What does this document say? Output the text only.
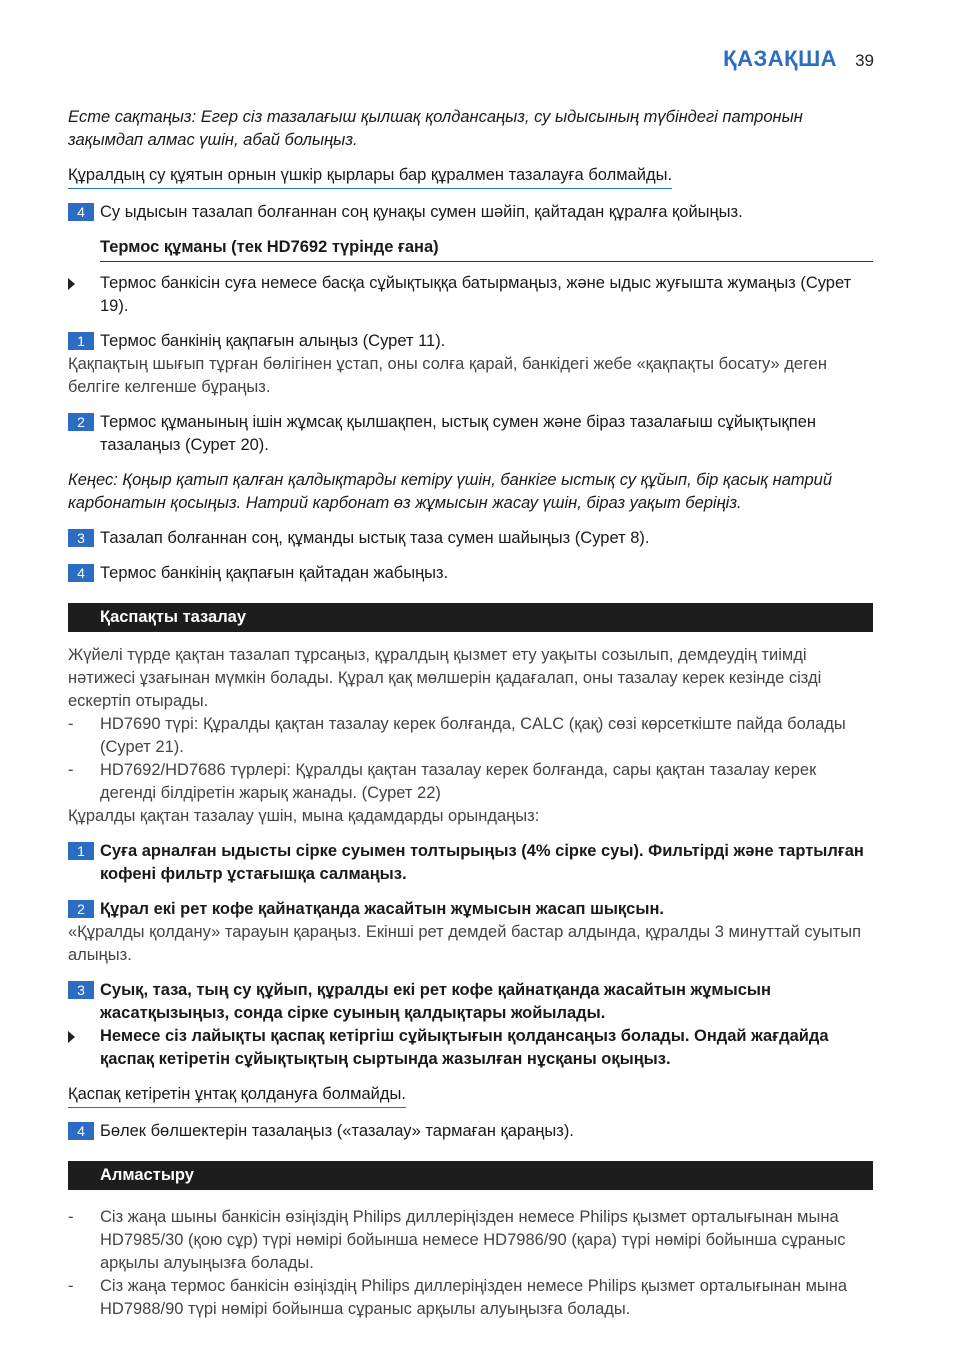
ҚАЗАҚША 39

Есте сақтаңыз: Егер сіз тазалағыш қылшақ қолдансаңыз, су ыдысының түбіндегі патронын зақымдап алмас үшін, абай болыңыз.

Құралдың су құятын орнын үшкір қырлары бар құралмен тазалауға болмайды.
4 Су ыдысын тазалап болғаннан соң қунақы сумен шәйіп, қайтадан құралға қойыңыз.

Термос құманы (тек HD7692 түрінде ғана)

Термос банкісін суға немесе басқа сұйықтыққа батырмаңыз, және ыдыс жуғышта жумаңыз (Сурет 19).

1 Термос банкінің қақпағын алыңыз (Сурет 11).

Қақпақтың шығып тұрған бөлігінен ұстап, оны солға қарай, банкідегі жебе «қақпақты босату» деген белгіге келгенше бұраңыз.

2 Термос құманының ішін жұмсақ қылшақпен, ыстық сумен және біраз тазалағыш сұйықтықпен тазалаңыз (Сурет 20).

Кеңес: Қоңыр қатып қалған қалдықтарды кетіру үшін, банкіге ыстық су құйып, бір қасық натрий карбонатын қосыңыз. Натрий карбонат өз жұмысын жасау үшін, біраз уақыт беріңіз.

3 Тазалап болғаннан соң, құманды ыстық таза сумен шайыңыз (Сурет 8).

4 Термос банкінің қақпағын қайтадан жабыңыз.

Қаспақты тазалау

Жүйелі түрде қақтан тазалап тұрсаңыз, құралдың қызмет ету уақыты созылып, демдеудің тиімді нәтижесі ұзағынан мүмкін болады. Құрал қақ мөлшерін қадағалап, оны тазалау керек кезінде сізді ескертіп отырады.

- HD7690 түрі: Құралды қақтан тазалау керек болғанда, CALC (қақ) сөзі көрсеткіште пайда болады (Сурет 21).

- HD7692/HD7686 түрлері: Құралды қақтан тазалау керек болғанда, сары қақтан тазалау керек дегенді білдіретін жарық жанады. (Сурет 22)

Құралды қақтан тазалау үшін, мына қадамдарды орындаңыз:

1 Суға арналған ыдысты сірке суымен толтырыңыз (4% сірке суы). Фильтірді және тартылған кофені фильтр ұстағышқа салмаңыз.

2 Құрал екі рет кофе қайнатқанда жасайтын жұмысын жасап шықсын.

«Құралды қолдану» тарауын қараңыз. Екінші рет демдей бастар алдында, құралды 3 минуттай суытып алыңыз.

3 Суық, таза, тың су құйып, құралды екі рет кофе қайнатқанда жасайтын жұмысын жасатқызыңыз, сонда сірке суының қалдықтары жойылады.

Немесе сіз лайықты қаспақ кетіргіш сұйықтығын қолдансаңыз болады. Ондай жағдайда қаспақ кетіретін сұйықтықтың сыртында жазылған нұсқаны оқыңыз.

Қаспақ кетіретін ұнтақ қолдануға болмайды.
4 Бөлек бөлшектерін тазалаңыз («тазалау» тармаған қараңыз).

Алмастыру
- Сіз жаңа шыны банкісін өзіңіздің Philips диллеріңізден немесе Philips қызмет орталығынан мына HD7985/30 (қою сұр) түрі нөмірі бойынша немесе HD7986/90 (қара) түрі нөмірі бойынша сұраныс арқылы алуыңызға болады.

- Сіз жаңа термос банкісін өзіңіздің Philips диллеріңізден немесе Philips қызмет орталығынан мына HD7988/90 түрі нөмірі бойынша сұраныс арқылы алуыңызға болады.
